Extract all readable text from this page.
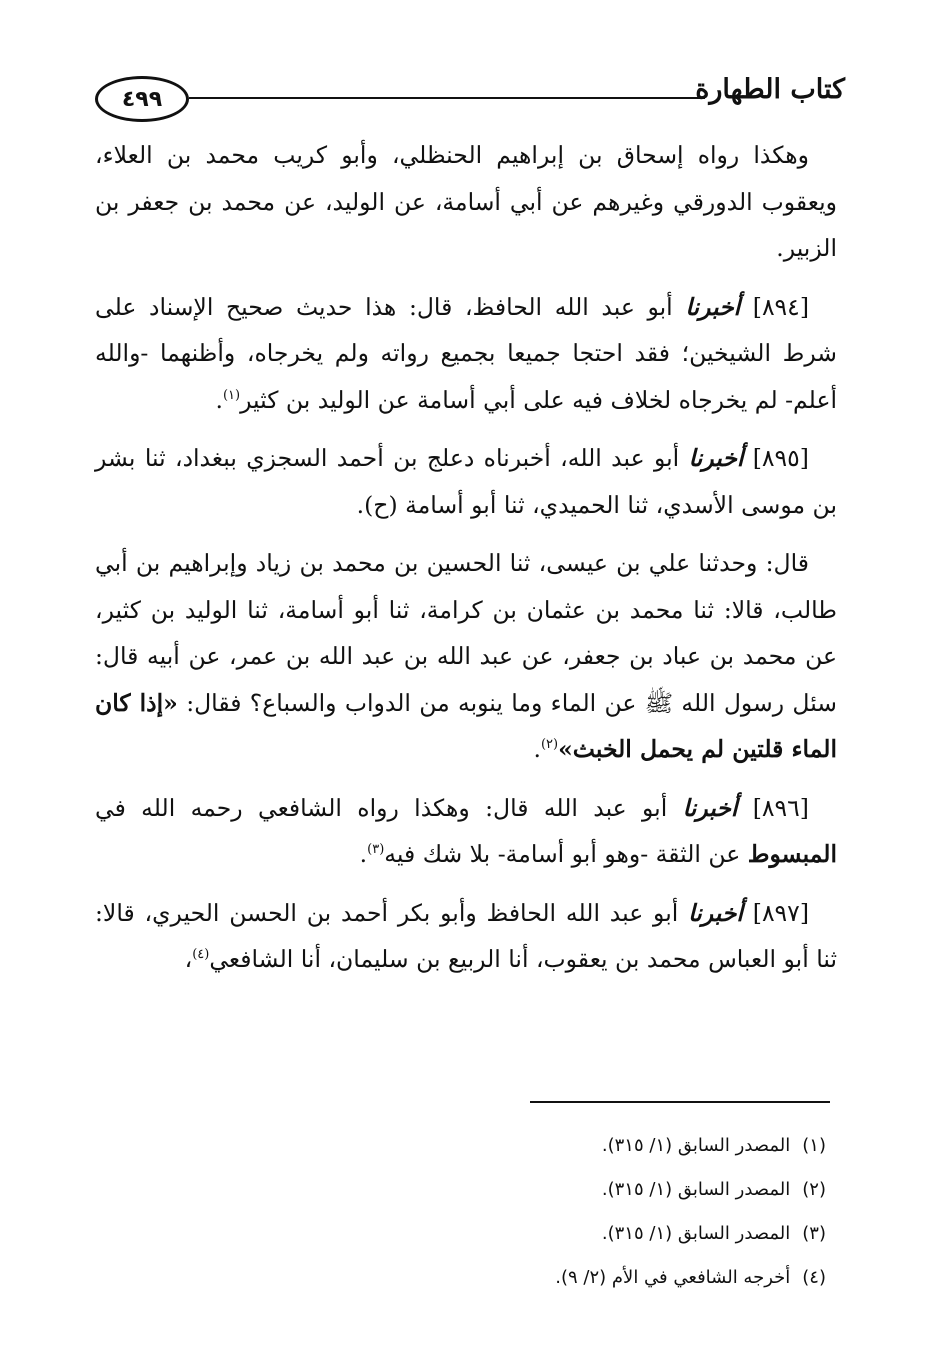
٤٩٩	كتاب الطهارة

وهكذا رواه إسحاق بن إبراهيم الحنظلي، وأبو كريب محمد بن العلاء، ويعقوب الدورقي وغيرهم عن أبي أسامة، عن الوليد، عن محمد بن جعفر بن الزبير.

[٨٩٤] أخبرنا أبو عبد الله الحافظ، قال: هذا حديث صحيح الإسناد على شرط الشيخين؛ فقد احتجا جميعا بجميع رواته ولم يخرجاه، وأظنهما -والله أعلم- لم يخرجاه لخلاف فيه على أبي أسامة عن الوليد بن كثير$^{(١)}$.

[٨٩٥] أخبرنا أبو عبد الله، أخبرناه دعلج بن أحمد السجزي ببغداد، ثنا بشر بن موسى الأسدي، ثنا الحميدي، ثنا أبو أسامة (ح).

قال: وحدثنا علي بن عيسى، ثنا الحسين بن محمد بن زياد وإبراهيم بن أبي طالب، قالا: ثنا محمد بن عثمان بن كرامة، ثنا أبو أسامة، ثنا الوليد بن كثير، عن محمد بن عباد بن جعفر، عن عبد الله بن عبد الله بن عمر، عن أبيه قال: سئل رسول الله ﷺ عن الماء وما ينوبه من الدواب والسباع؟ فقال: «إذا كان الماء قلتين لم يحمل الخبث»$^{(٢)}$.

[٨٩٦] أخبرنا أبو عبد الله قال: وهكذا رواه الشافعي رحمه الله في المبسوط عن الثقة -وهو أبو أسامة- بلا شك فيه$^{(٣)}$.

[٨٩٧] أخبرنا أبو عبد الله الحافظ وأبو بكر أحمد بن الحسن الحيري، قالا: ثنا أبو العباس محمد بن يعقوب، أنا الربيع بن سليمان، أنا الشافعي$^{(٤)}$،

(١) المصدر السابق (١/ ٣١٥).
(٢) المصدر السابق (١/ ٣١٥).
(٣) المصدر السابق (١/ ٣١٥).
(٤) أخرجه الشافعي في الأم (٢/ ٩).
